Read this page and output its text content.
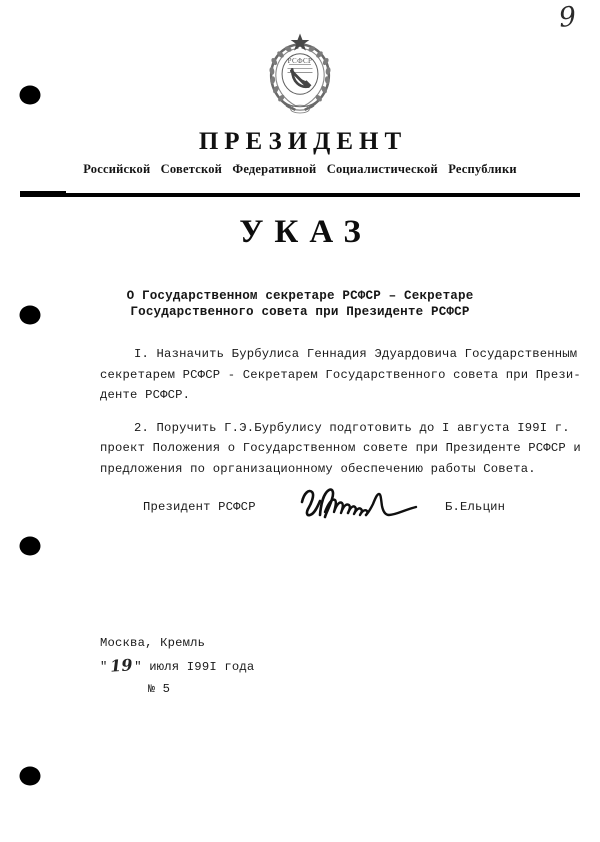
9
РСФСР
ПРЕЗИДЕНТ
Российской Советской Федеративной Социалистической Республики
УКАЗ
О Государственном секретаре РСФСР – Секретаре
Государственного совета при Президенте РСФСР

I. Назначить Бурбулиса Геннадия Эдуардовича Государственным
секретарем РСФСР - Секретарем Государственного совета при Прези-
денте РСФСР.

2. Поручить Г.Э.Бурбулису подготовить до I августа I99I г.
проект Положения о Государственном совете при Президенте РСФСР и
предложения по организационному обеспечению работы Совета.

Президент РСФСР	Б.Ельцин
Москва, Кремль
"19" июля I99I года
№ 5
